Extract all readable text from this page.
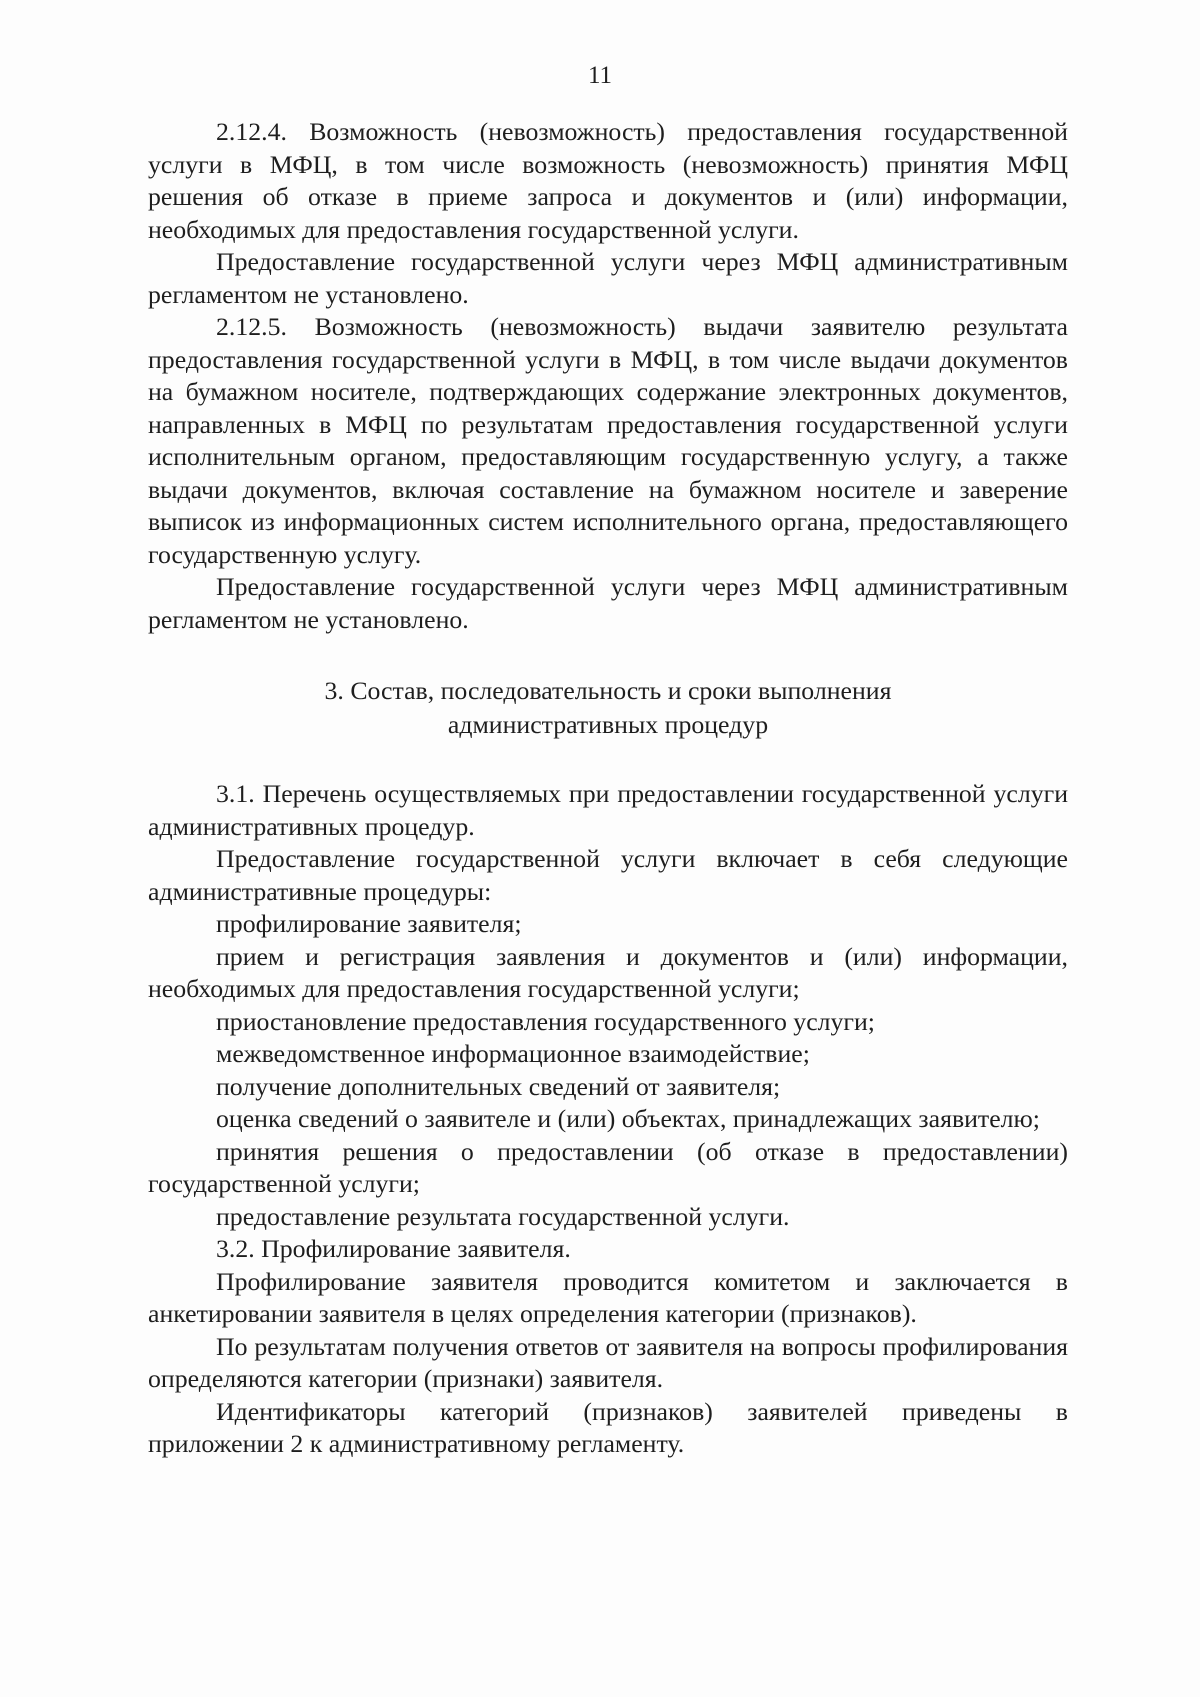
11

2.12.4. Возможность (невозможность) предоставления государственной услуги в МФЦ, в том числе возможность (невозможность) принятия МФЦ решения об отказе в приеме запроса и документов и (или) информации, необходимых для предоставления государственной услуги.

Предоставление государственной услуги через МФЦ административным регламентом не установлено.

2.12.5. Возможность (невозможность) выдачи заявителю результата предоставления государственной услуги в МФЦ, в том числе выдачи документов на бумажном носителе, подтверждающих содержание электронных документов, направленных в МФЦ по результатам предоставления государственной услуги исполнительным органом, предоставляющим государственную услугу, а также выдачи документов, включая составление на бумажном носителе и заверение выписок из информационных систем исполнительного органа, предоставляющего государственную услугу.

Предоставление государственной услуги через МФЦ административным регламентом не установлено.

3. Состав, последовательность и сроки выполнения
административных процедур

3.1. Перечень осуществляемых при предоставлении государственной услуги административных процедур.

Предоставление государственной услуги включает в себя следующие административные процедуры:

профилирование заявителя;

прием и регистрация заявления и документов и (или) информации, необходимых для предоставления государственной услуги;

приостановление предоставления государственного услуги;

межведомственное информационное взаимодействие;

получение дополнительных сведений от заявителя;

оценка сведений о заявителе и (или) объектах, принадлежащих заявителю;

принятия решения о предоставлении (об отказе в предоставлении) государственной услуги;

предоставление результата государственной услуги.

3.2. Профилирование заявителя.

Профилирование заявителя проводится комитетом и заключается в анкетировании заявителя в целях определения категории (признаков).

По результатам получения ответов от заявителя на вопросы профилирования определяются категории (признаки) заявителя.

Идентификаторы категорий (признаков) заявителей приведены в приложении 2 к административному регламенту.
